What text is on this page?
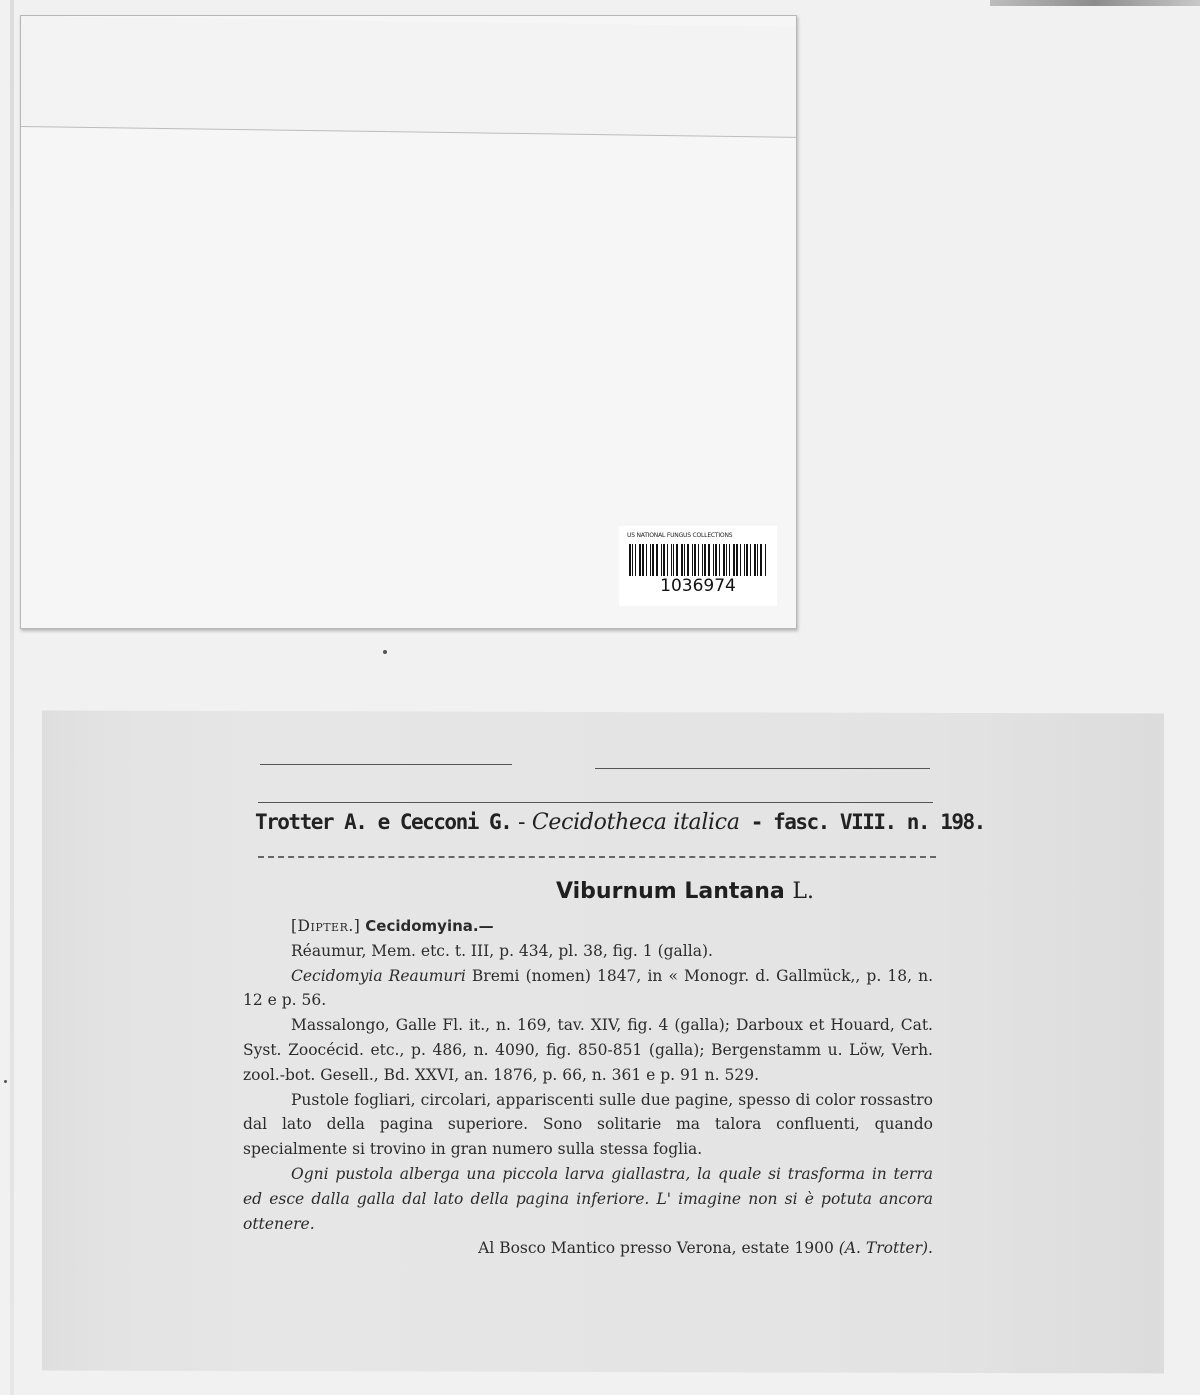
US NATIONAL FUNGUS COLLECTIONS
1036974
Trotter A. e Cecconi G. - Cecidotheca italica - fasc. VIII. n. 198.
Viburnum Lantana L.

[Dipter.] Cecidomyina.—

Réaumur, Mem. etc. t. III, p. 434, pl. 38, fig. 1 (galla).

Cecidomyia Reaumuri Bremi (nomen) 1847, in « Monogr. d. Gallmück,, p. 18, n. 12 e p. 56.

Massalongo, Galle Fl. it., n. 169, tav. XIV, fig. 4 (galla); Darboux et Houard, Cat. Syst. Zoocécid. etc., p. 486, n. 4090, fig. 850-851 (galla); Bergenstamm u. Löw, Verh. zool.-bot. Gesell., Bd. XXVI, an. 1876, p. 66, n. 361 e p. 91 n. 529.

Pustole fogliari, circolari, appariscenti sulle due pagine, spesso di color rossastro dal lato della pagina superiore. Sono solitarie ma talora confluenti, quando specialmente si trovino in gran numero sulla stessa foglia.

Ogni pustola alberga una piccola larva giallastra, la quale si trasforma in terra ed esce dalla galla dal lato della pagina inferiore. L' imagine non si è potuta ancora ottenere.

Al Bosco Mantico presso Verona, estate 1900 (A. Trotter).
